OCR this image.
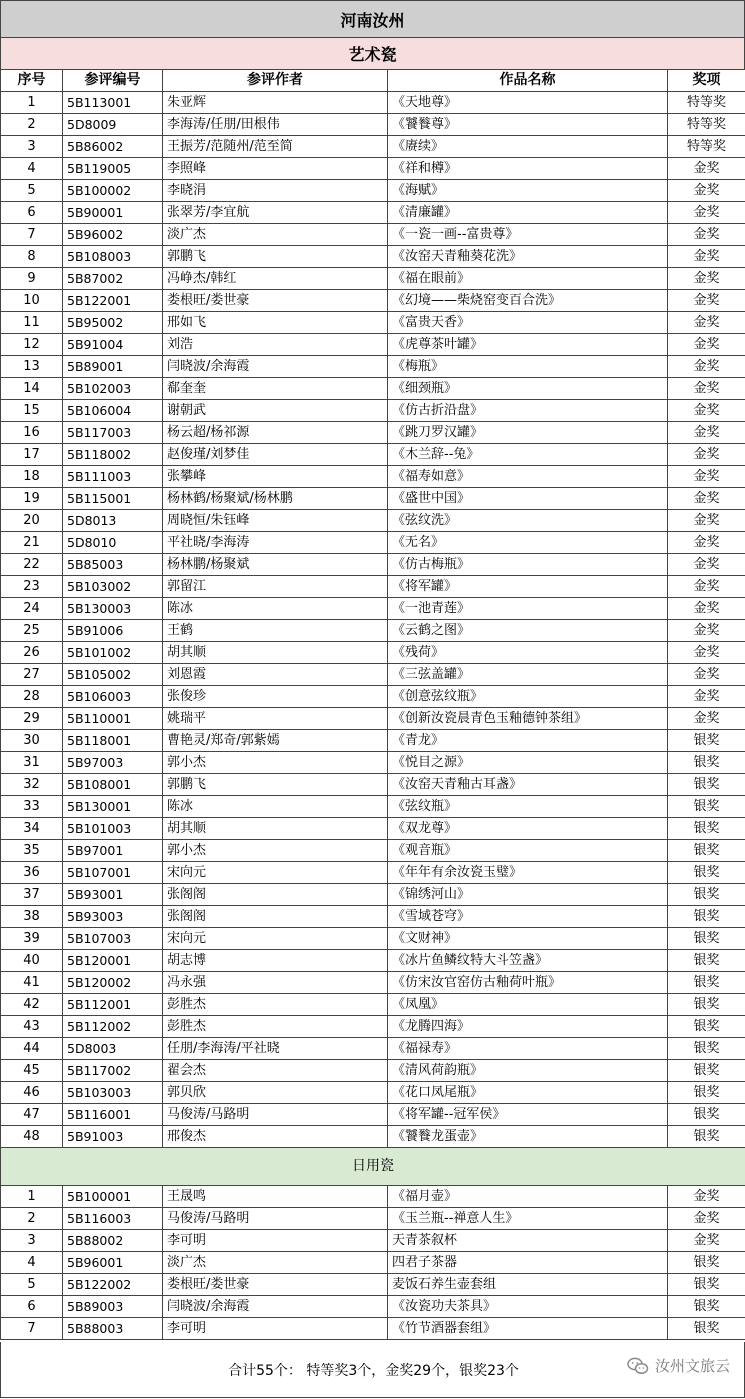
河南汝州
艺术瓷
序号	参评编号	参评作者	作品名称	奖项
1	5B113001	朱亚辉	《天地尊》	特等奖
2	5D8009	李海涛/任朋/田根伟	《饕餮尊》	特等奖
3	5B86002	王振芳/范随州/范至简	《赓续》	特等奖
4	5B119005	李照峰	《祥和樽》	金奖
5	5B100002	李晓涓	《海赋》	金奖
6	5B90001	张翠芳/李宜航	《清廉罐》	金奖
7	5B96002	淡广杰	《一瓷一画--富贵尊》	金奖
8	5B108003	郭鹏飞	《汝窑天青釉葵花洗》	金奖
9	5B87002	冯峥杰/韩红	《福在眼前》	金奖
10	5B122001	娄根旺/娄世豪	《幻境——柴烧窑变百合洗》	金奖
11	5B95002	邢如飞	《富贵天香》	金奖
12	5B91004	刘浩	《虎尊茶叶罐》	金奖
13	5B89001	闫晓波/余海霞	《梅瓶》	金奖
14	5B102003	郗奎奎	《细颈瓶》	金奖
15	5B106004	谢朝武	《仿古折沿盘》	金奖
16	5B117003	杨云超/杨祁源	《跳刀罗汉罐》	金奖
17	5B118002	赵俊瑾/刘梦佳	《木兰辞--兔》	金奖
18	5B111003	张攀峰	《福寿如意》	金奖
19	5B115001	杨林鹤/杨聚斌/杨林鹏	《盛世中国》	金奖
20	5D8013	周晓恒/朱钰峰	《弦纹洗》	金奖
21	5D8010	平社晓/李海涛	《无名》	金奖
22	5B85003	杨林鹏/杨聚斌	《仿古梅瓶》	金奖
23	5B103002	郭留江	《将军罐》	金奖
24	5B130003	陈冰	《一池青莲》	金奖
25	5B91006	王鹤	《云鹤之图》	金奖
26	5B101002	胡其顺	《残荷》	金奖
27	5B105002	刘恩霞	《三弦盖罐》	金奖
28	5B106003	张俊珍	《创意弦纹瓶》	金奖
29	5B110001	姚瑞平	《创新汝瓷晨青色玉釉德钟茶组》	金奖
30	5B118001	曹艳灵/郑奇/郭紫嫣	《青龙》	银奖
31	5B97003	郭小杰	《悦目之源》	银奖
32	5B108001	郭鹏飞	《汝窑天青釉古耳盏》	银奖
33	5B130001	陈冰	《弦纹瓶》	银奖
34	5B101003	胡其顺	《双龙尊》	银奖
35	5B97001	郭小杰	《观音瓶》	银奖
36	5B107001	宋向元	《年年有余汝瓷玉璧》	银奖
37	5B93001	张阁阁	《锦绣河山》	银奖
38	5B93003	张阁阁	《雪域苍穹》	银奖
39	5B107003	宋向元	《文财神》	银奖
40	5B120001	胡志博	《冰片鱼鳞纹特大斗笠盏》	银奖
41	5B120002	冯永强	《仿宋汝官窑仿古釉荷叶瓶》	银奖
42	5B112001	彭胜杰	《凤凰》	银奖
43	5B112002	彭胜杰	《龙腾四海》	银奖
44	5D8003	任朋/李海涛/平社晓	《福禄寿》	银奖
45	5B117002	翟会杰	《清风荷韵瓶》	银奖
46	5B103003	郭贝欣	《花口凤尾瓶》	银奖
47	5B116001	马俊涛/马路明	《将军罐--冠军侯》	银奖
48	5B91003	邢俊杰	《饕餮龙蛋壶》	银奖
日用瓷				
1	5B100001	王晟鸣	《福月壶》	金奖
2	5B116003	马俊涛/马路明	《玉兰瓶--禅意人生》	金奖
3	5B88002	李可明	天青茶叙杯	金奖
4	5B96001	淡广杰	四君子茶器	银奖
5	5B122002	娄根旺/娄世豪	麦饭石养生壶套组	银奖
6	5B89003	闫晓波/余海霞	《汝瓷功夫茶具》	银奖
7	5B88003	李可明	《竹节酒器套组》	银奖
合计55个： 特等奖3个，金奖29个，银奖23个	汝州文旅云
